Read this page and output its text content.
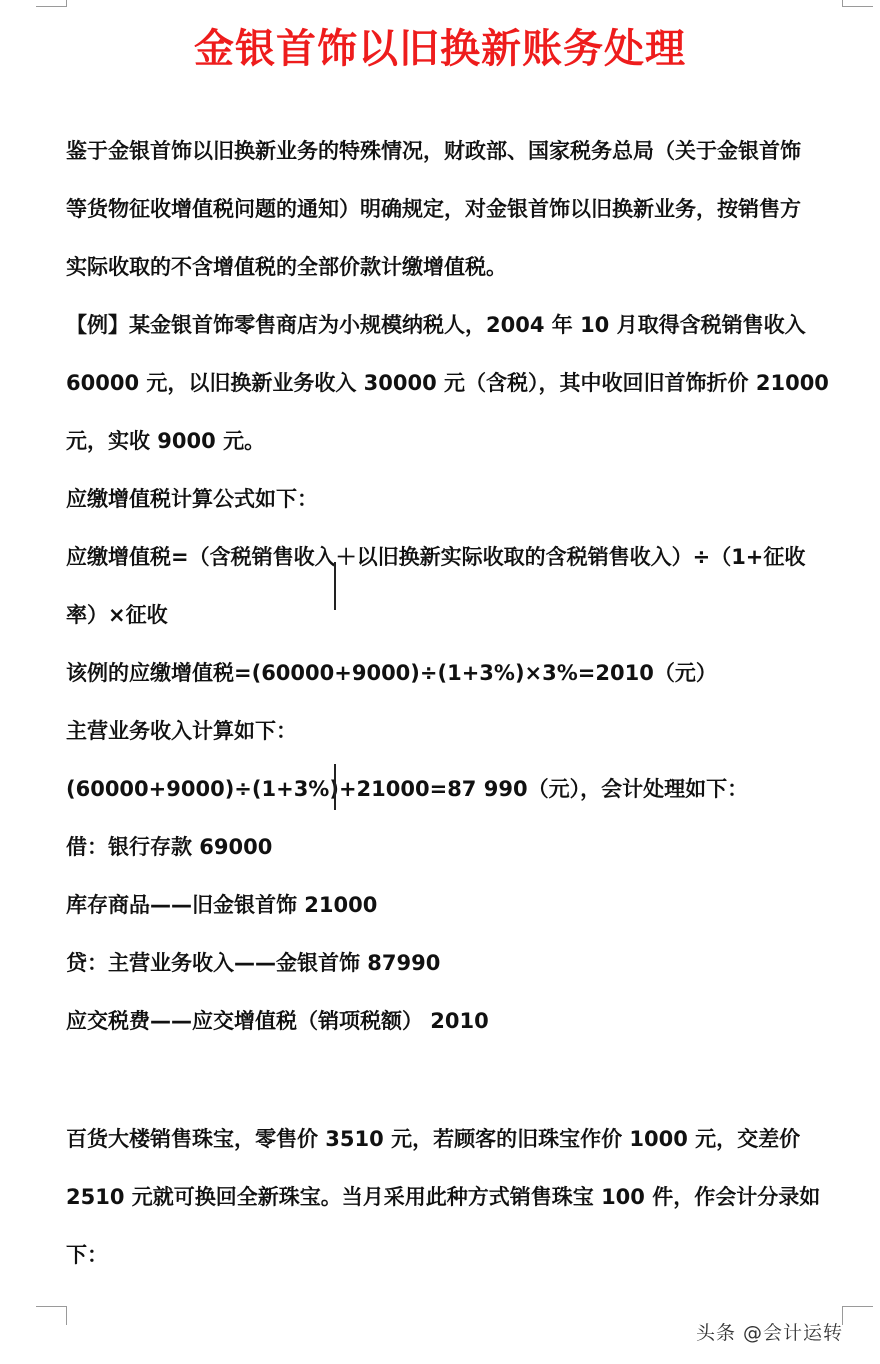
金银首饰以旧换新账务处理
鉴于金银首饰以旧换新业务的特殊情况，财政部、国家税务总局（关于金银首饰
等货物征收增值税问题的通知）明确规定，对金银首饰以旧换新业务，按销售方
实际收取的不含增值税的全部价款计缴增值税。
【例】某金银首饰零售商店为小规模纳税人，2004 年 10 月取得含税销售收入
60000 元，以旧换新业务收入 30000 元（含税），其中收回旧首饰折价 21000
元，实收 9000 元。
应缴增值税计算公式如下：
应缴增值税=（含税销售收入＋以旧换新实际收取的含税销售收入）÷（1+征收
率）×征收
该例的应缴增值税=(60000+9000)÷(1+3%)×3%=2010（元）
主营业务收入计算如下：
(60000+9000)÷(1+3%)+21000=87 990（元），会计处理如下：
借：银行存款 69000
库存商品——旧金银首饰 21000
贷：主营业务收入——金银首饰 87990
应交税费——应交增值税（销项税额） 2010
百货大楼销售珠宝，零售价 3510 元，若顾客的旧珠宝作价 1000 元，交差价
2510 元就可换回全新珠宝。当月采用此种方式销售珠宝 100 件，作会计分录如
下：
头条 @会计运转
